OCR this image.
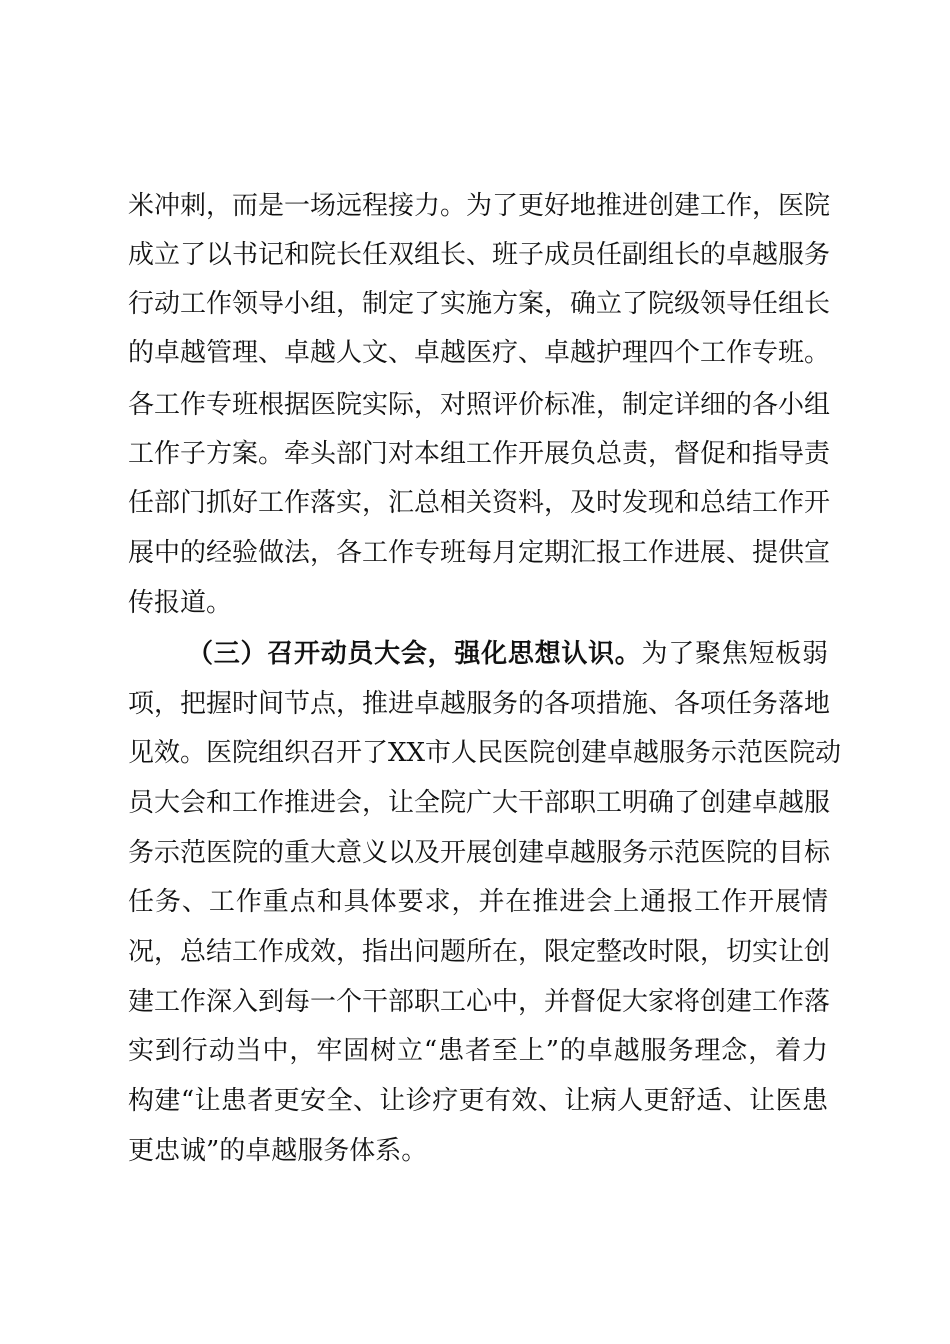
米冲刺，而是一场远程接力。为了更好地推进创建工作，医院
成立了以书记和院长任双组长、班子成员任副组长的卓越服务
行动工作领导小组，制定了实施方案，确立了院级领导任组长
的卓越管理、卓越人文、卓越医疗、卓越护理四个工作专班。
各工作专班根据医院实际，对照评价标准，制定详细的各小组
工作子方案。牵头部门对本组工作开展负总责，督促和指导责
任部门抓好工作落实，汇总相关资料，及时发现和总结工作开
展中的经验做法，各工作专班每月定期汇报工作进展、提供宣
传报道。
（三）召开动员大会，强化思想认识。为了聚焦短板弱
项，把握时间节点，推进卓越服务的各项措施、各项任务落地
见效。医院组织召开了XX市人民医院创建卓越服务示范医院动
员大会和工作推进会，让全院广大干部职工明确了创建卓越服
务示范医院的重大意义以及开展创建卓越服务示范医院的目标
任务、工作重点和具体要求，并在推进会上通报工作开展情
况，总结工作成效，指出问题所在，限定整改时限，切实让创
建工作深入到每一个干部职工心中，并督促大家将创建工作落
实到行动当中，牢固树立“患者至上”的卓越服务理念，着力
构建“让患者更安全、让诊疗更有效、让病人更舒适、让医患
更忠诚”的卓越服务体系。
